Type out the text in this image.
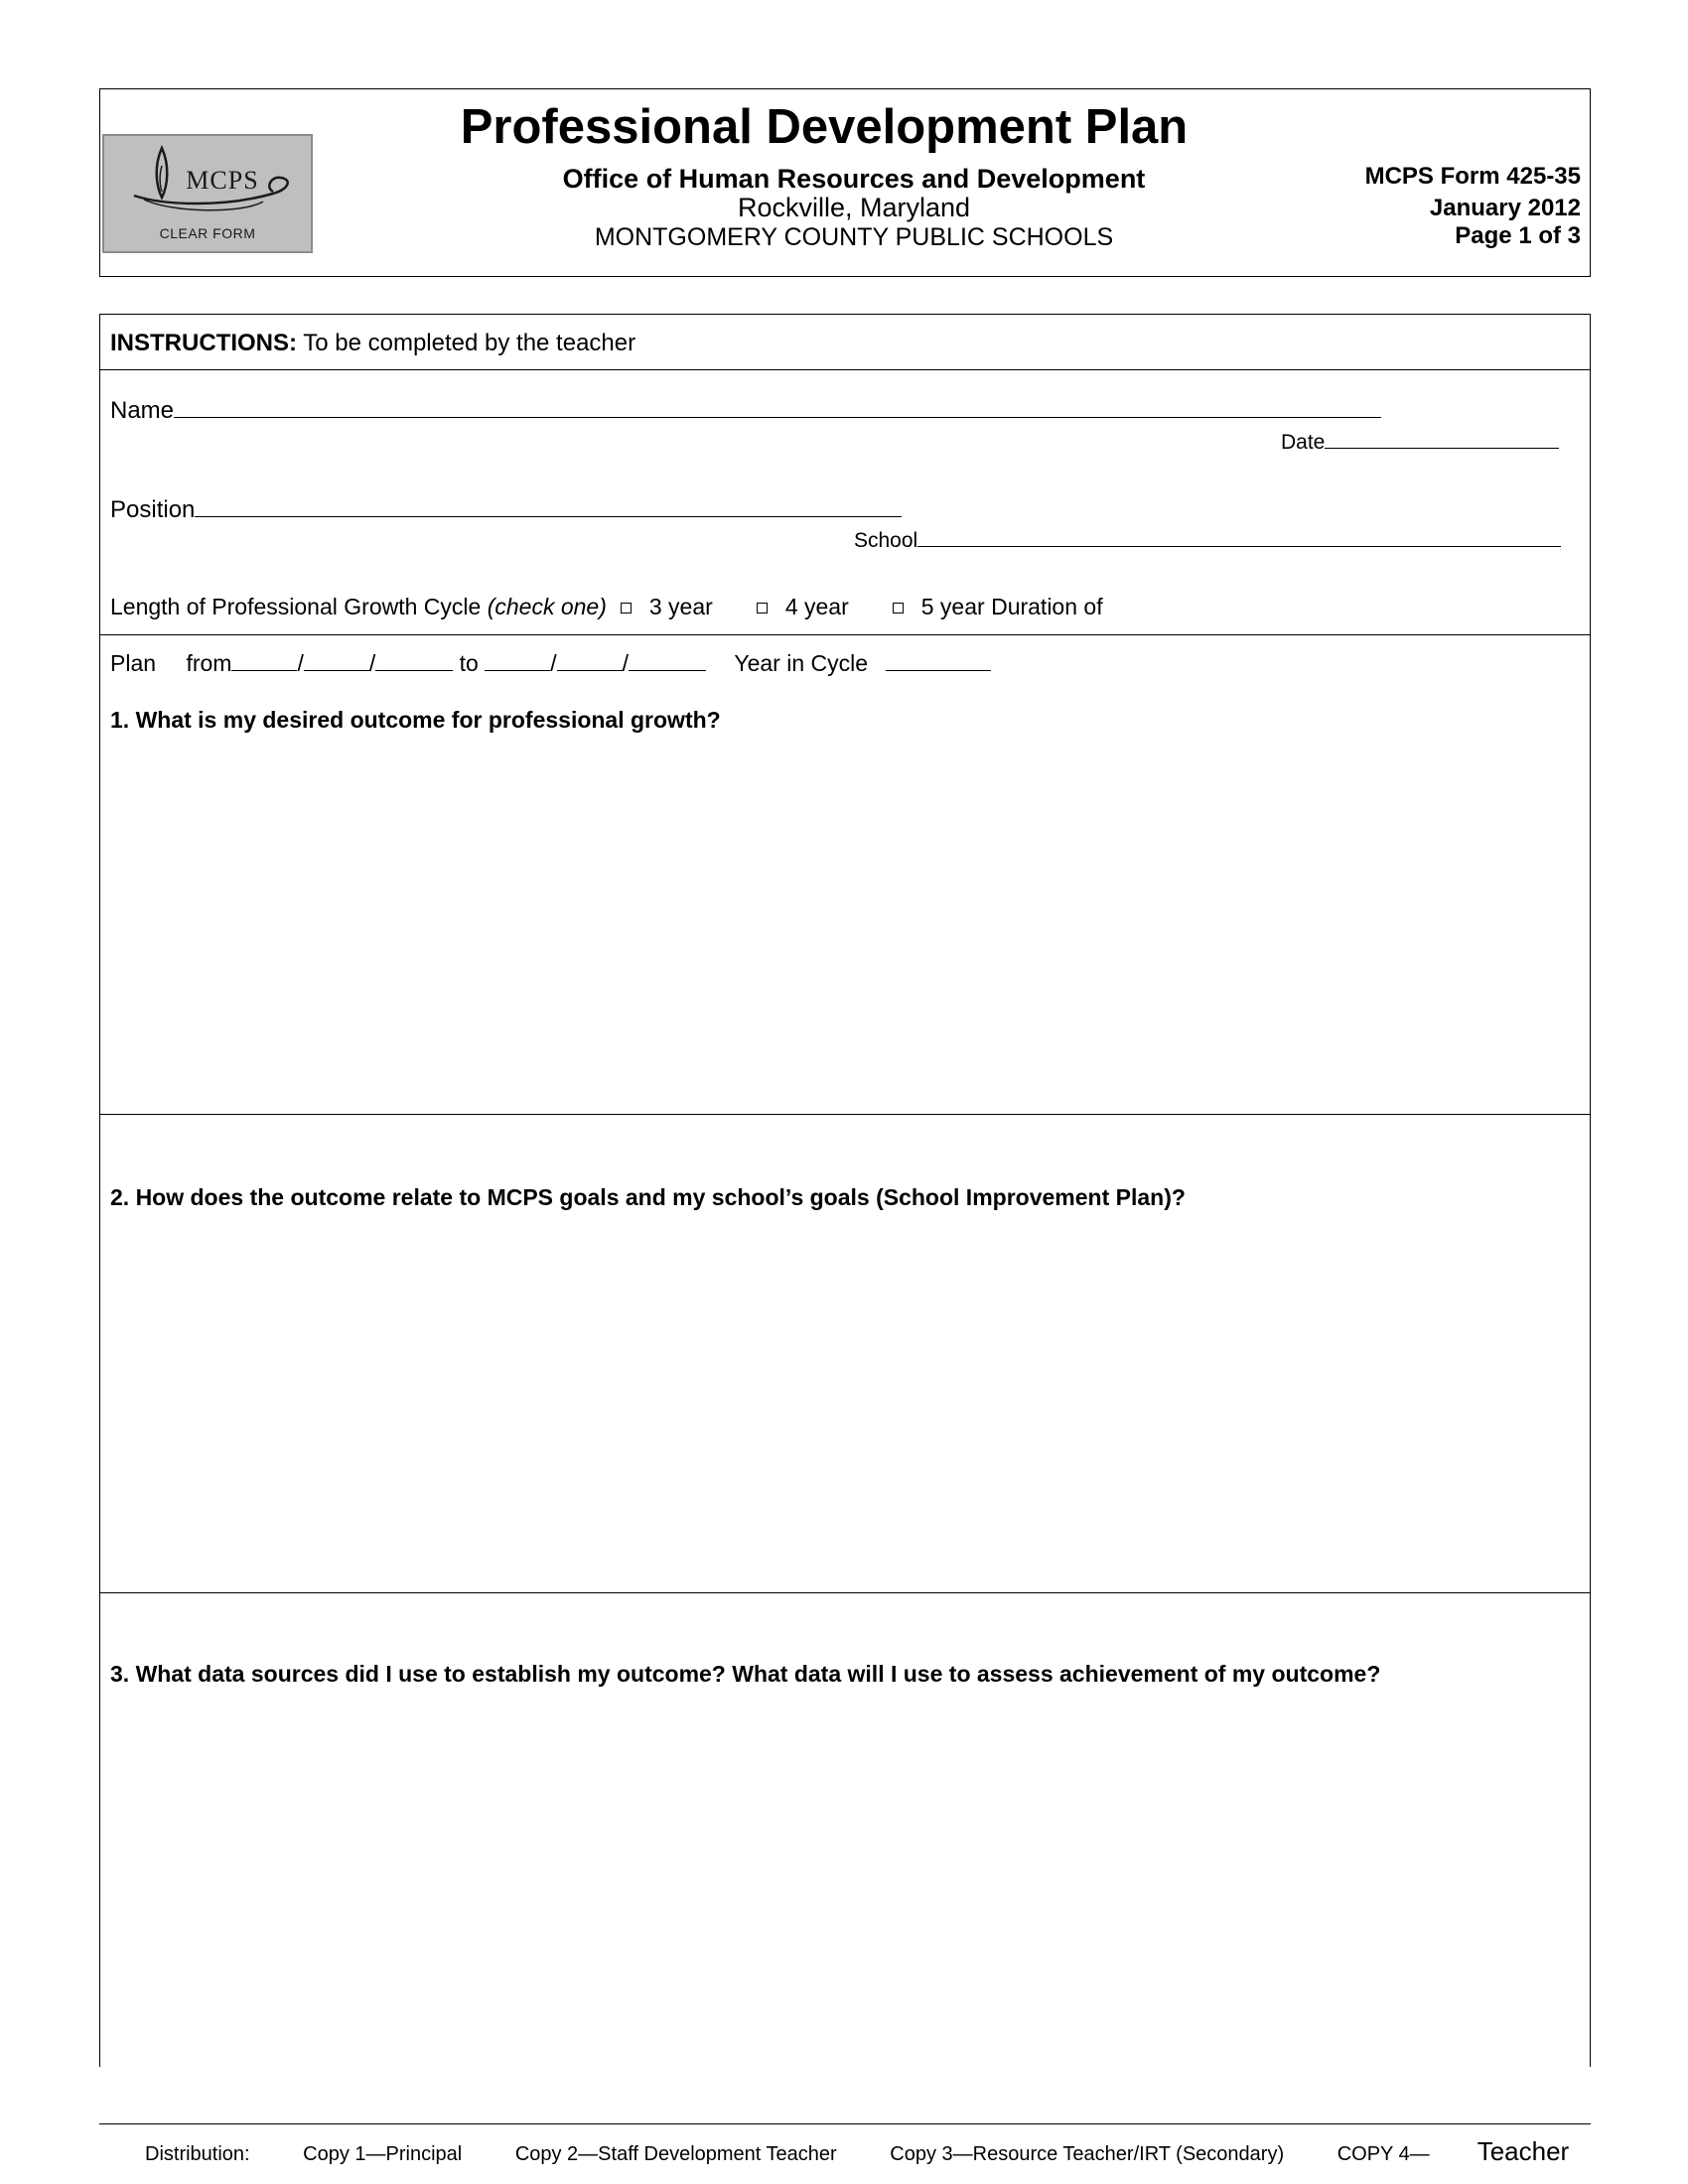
MCPS
CLEAR FORM
Professional Development Plan
Office of Human Resources and Development
Rockville, Maryland
MONTGOMERY COUNTY PUBLIC SCHOOLS
MCPS Form 425-35
January 2012
Page 1 of 3
INSTRUCTIONS: To be completed by the teacher
Name
Date
Position
School
Length of Professional Growth Cycle (check one) 3 year	4 year	5 year Duration of
Plan from	/	/	to	/	/	Year in Cycle
1. What is my desired outcome for professional growth?
2. How does the outcome relate to MCPS goals and my school’s goals (School Improvement Plan)?
3. What data sources did I use to establish my outcome? What data will I use to assess achievement of my outcome?
Distribution:	Copy 1—Principal	Copy 2—Staff Development Teacher	Copy 3—Resource Teacher/IRT (Secondary)	COPY 4— Teacher
